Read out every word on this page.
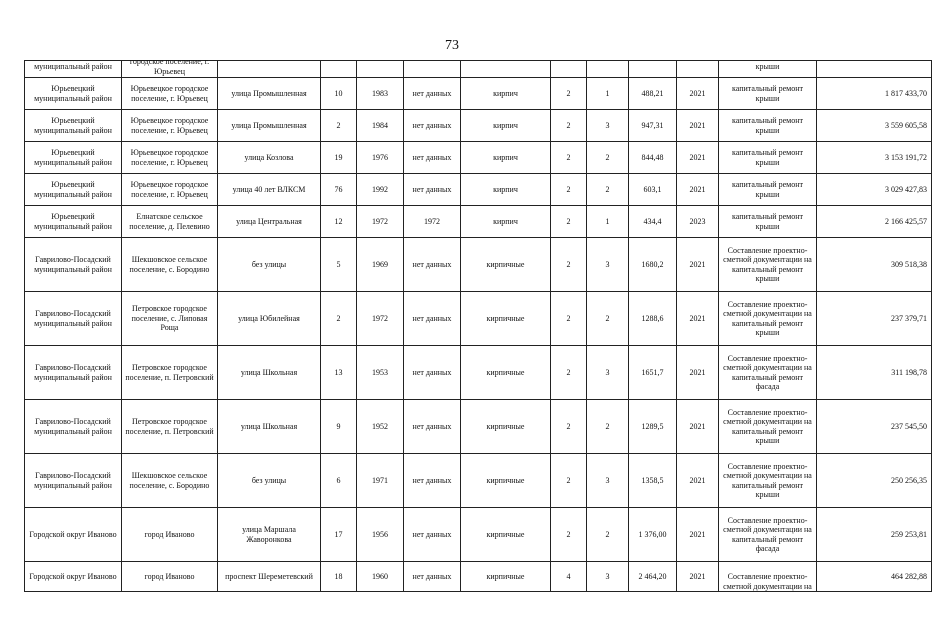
73
муниципальный район	городское поселение, г. Юрьевец										крыши	

Юрьевецкий муниципальный район	Юрьевецкое городское поселение, г. Юрьевец	улица Промышленная	10	1983	нет данных	кирпич	2	1	488,21	2021	капитальный ремонт крыши	1 817 433,70
Юрьевецкий муниципальный район	Юрьевецкое городское поселение, г. Юрьевец	улица Промышленная	2	1984	нет данных	кирпич	2	3	947,31	2021	капитальный ремонт крыши	3 559 605,58
Юрьевецкий муниципальный район	Юрьевецкое городское поселение, г. Юрьевец	улица Козлова	19	1976	нет данных	кирпич	2	2	844,48	2021	капитальный ремонт крыши	3 153 191,72
Юрьевецкий муниципальный район	Юрьевецкое городское поселение, г. Юрьевец	улица 40 лет ВЛКСМ	76	1992	нет данных	кирпич	2	2	603,1	2021	капитальный ремонт крыши	3 029 427,83
Юрьевецкий муниципальный район	Елнатское сельское поселение, д. Пелевино	улица Центральная	12	1972	1972	кирпич	2	1	434,4	2023	капитальный ремонт крыши	2 166 425,57
Гаврилово-Посадский муниципальный район	Шекшовское сельское поселение, с. Бородино	без улицы	5	1969	нет данных	кирпичные	2	3	1680,2	2021	Составление проектно-сметной документации на капитальный ремонт крыши	309 518,38
Гаврилово-Посадский муниципальный район	Петровское городское поселение, с. Липовая Роща	улица Юбилейная	2	1972	нет данных	кирпичные	2	2	1288,6	2021	Составление проектно-сметной документации на капитальный ремонт крыши	237 379,71
Гаврилово-Посадский муниципальный район	Петровское городское поселение, п. Петровский	улица Школьная	13	1953	нет данных	кирпичные	2	3	1651,7	2021	Составление проектно-сметной документации на капитальный ремонт фасада	311 198,78
Гаврилово-Посадский муниципальный район	Петровское городское поселение, п. Петровский	улица Школьная	9	1952	нет данных	кирпичные	2	2	1289,5	2021	Составление проектно-сметной документации на капитальный ремонт крыши	237 545,50
Гаврилово-Посадский муниципальный район	Шекшовское сельское поселение, с. Бородино	без улицы	6	1971	нет данных	кирпичные	2	3	1358,5	2021	Составление проектно-сметной документации на капитальный ремонт крыши	250 256,35
Городской округ Иваново	город Иваново	улица Маршала Жаворонкова	17	1956	нет данных	кирпичные	2	2	1 376,00	2021	Составление проектно-сметной документации на капитальный ремонт фасада	259 253,81
Городской округ Иваново	город Иваново	проспект Шереметевский	18	1960	нет данных	кирпичные	4	3	2 464,20	2021	Составление проектно-сметной документации на	464 282,88
